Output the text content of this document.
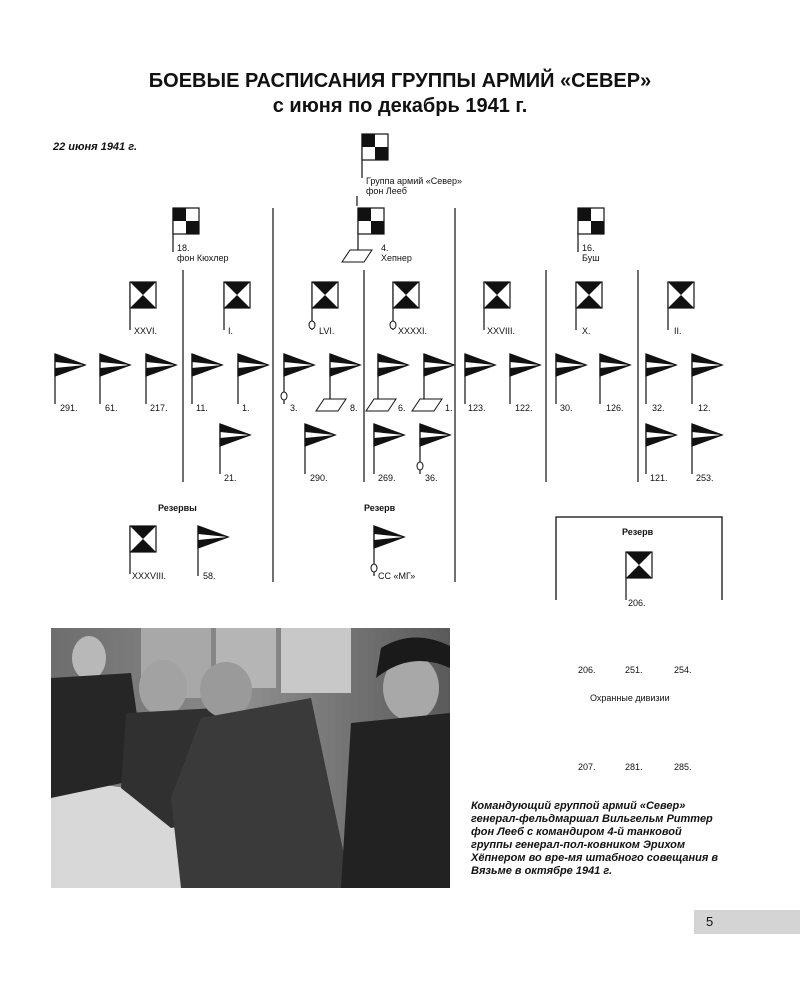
БОЕВЫЕ РАСПИСАНИЯ ГРУППЫ АРМИЙ «СЕВЕР»
с июня по декабрь 1941 г.
22 июня 1941 г.
Группа армий «Север»
фон Лееб
18.
фон Кюхлер
4.
Хепнер
16.
Буш
XXVI.	I.	LVI.	XXXXI.	XXVIII.	X.	II.
291.	61.	217.	11.	1.	3.	8.	6.	1. 123.	122.	30.	126.	32.	12.
21.	290.	269.	36.	121.	253.
Резервы
XXXVIII.	58.
Резерв
СС «МГ»
Резерв
206.
206.	251.	254.
Охранные дивизии
207.	281.	285.
Командующий группой армий «Север» генерал-фельдмаршал Вильгельм Риттер фон Лееб с командиром 4-й танковой группы генерал-пол-ковником Эрихом Хёпнером во вре-мя штабного совещания в Вязьме в октябре 1941 г.
5
